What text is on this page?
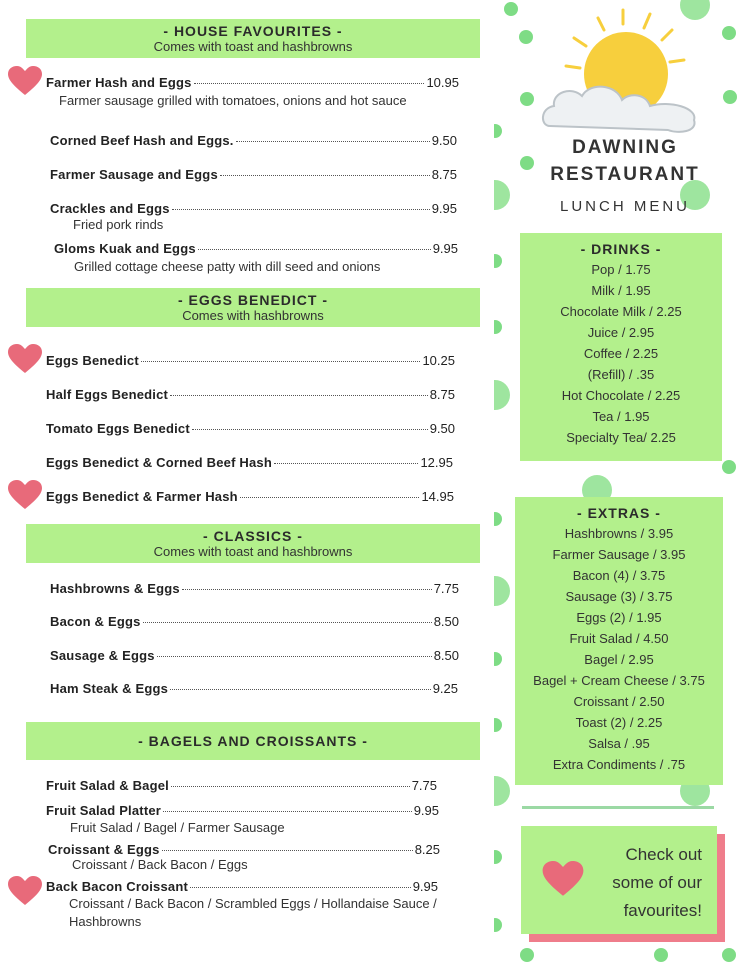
- HOUSE FAVOURITES -
Comes with toast and hashbrowns
Farmer Hash and Eggs	10.95
Farmer sausage grilled with tomatoes, onions and hot sauce
Corned Beef Hash and Eggs.	9.50
Farmer Sausage and Eggs	8.75
Crackles and Eggs	9.95
Fried pork rinds
Gloms Kuak and Eggs	9.95
Grilled cottage cheese patty with dill seed and onions
- EGGS BENEDICT -
Comes with hashbrowns
Eggs Benedict	10.25
Half Eggs Benedict	8.75
Tomato Eggs Benedict	9.50
Eggs Benedict & Corned Beef Hash	12.95
Eggs Benedict & Farmer Hash	14.95
- CLASSICS -
Comes with toast and hashbrowns
Hashbrowns & Eggs	7.75
Bacon & Eggs	8.50
Sausage & Eggs	8.50
Ham Steak & Eggs	9.25
- BAGELS AND CROISSANTS -
Fruit Salad & Bagel	7.75
Fruit Salad Platter	9.95
Fruit Salad / Bagel / Farmer Sausage
Croissant & Eggs	8.25
Croissant / Back Bacon / Eggs
Back Bacon Croissant	9.95
Croissant / Back Bacon / Scrambled Eggs / Hollandaise Sauce / Hashbrowns
DAWNING
RESTAURANT
LUNCH MENU
- DRINKS -
Pop / 1.75
Milk / 1.95
Chocolate Milk / 2.25
Juice / 2.95
Coffee / 2.25
(Refill) / .35
Hot Chocolate / 2.25
Tea / 1.95
Specialty Tea/ 2.25
- EXTRAS -
Hashbrowns / 3.95
Farmer Sausage / 3.95
Bacon (4) / 3.75
Sausage (3) / 3.75
Eggs (2) / 1.95
Fruit Salad / 4.50
Bagel / 2.95
Bagel + Cream Cheese / 3.75
Croissant / 2.50
Toast (2) / 2.25
Salsa / .95
Extra Condiments / .75
Check out
some of our
favourites!
